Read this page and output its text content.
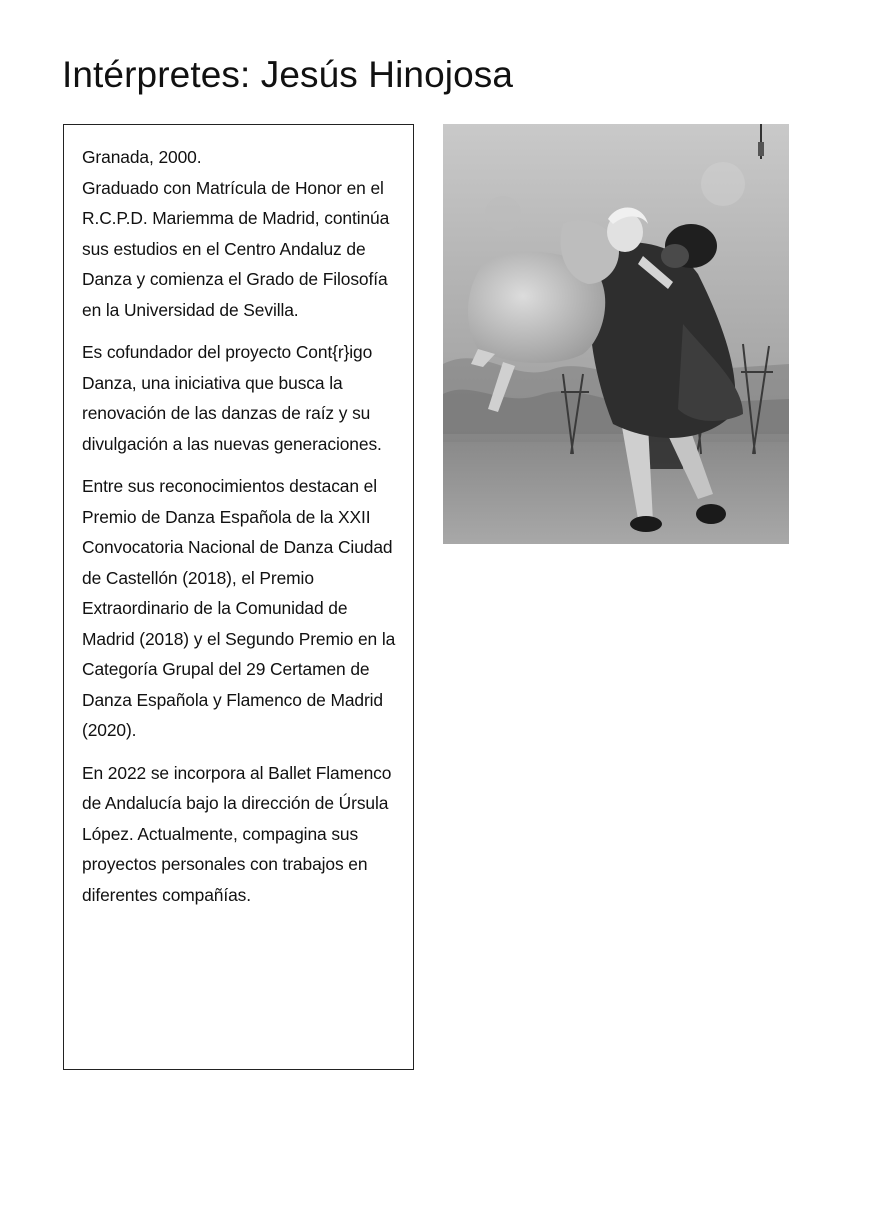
Intérpretes: Jesús Hinojosa

Granada, 2000.
Graduado con Matrícula de Honor en el R.C.P.D. Mariemma de Madrid, continúa sus estudios en el Centro Andaluz de Danza y comienza el Grado de Filosofía en la Universidad de Sevilla.

Es cofundador del proyecto Cont{r}igo Danza, una iniciativa que busca la renovación de las danzas de raíz y su divulgación a las nuevas generaciones.

Entre sus reconocimientos destacan el Premio de Danza Española de la XXII Convocatoria Nacional de Danza Ciudad de Castellón (2018), el Premio Extraordinario de la Comunidad de Madrid (2018) y el Segundo Premio en la Categoría Grupal del 29 Certamen de Danza Española y Flamenco de Madrid (2020).

En 2022 se incorpora al Ballet Flamenco de Andalucía bajo la dirección de Úrsula López. Actualmente, compagina sus proyectos personales con trabajos en diferentes compañías.
